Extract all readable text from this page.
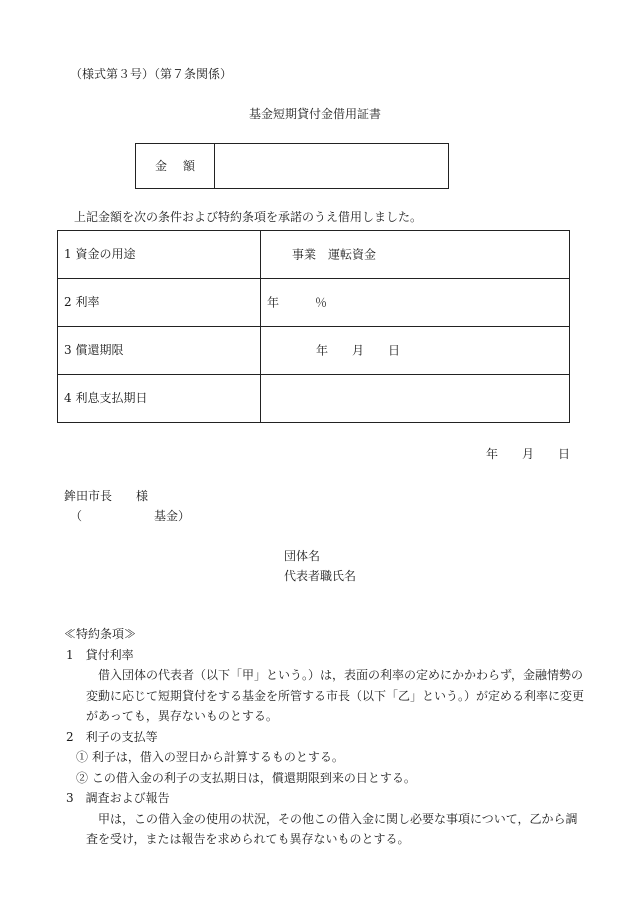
（様式第３号）（第７条関係）
基金短期貸付金借用証書
金額
上記金額を次の条件および特約条項を承諾のうえ借用しました。
1 資金の用途	事業　運転資金

2 利率	年　　　％

3 償還期限	年　　月　　日

4 利息支払期日	
年　　月　　日
鉾田市長　　様
（　　　　　　基金）
団体名
代表者職氏名
≪特約条項≫
1　貸付利率
借入団体の代表者（以下「甲」という。）は，表面の利率の定めにかかわらず，金融情勢の変動に応じて短期貸付をする基金を所管する市長（以下「乙」という。）が定める利率に変更があっても，異存ないものとする。
2　利子の支払等
① 利子は，借入の翌日から計算するものとする。
② この借入金の利子の支払期日は，償還期限到来の日とする。
3　調査および報告
甲は，この借入金の使用の状況，その他この借入金に関し必要な事項について，乙から調査を受け，または報告を求められても異存ないものとする。
